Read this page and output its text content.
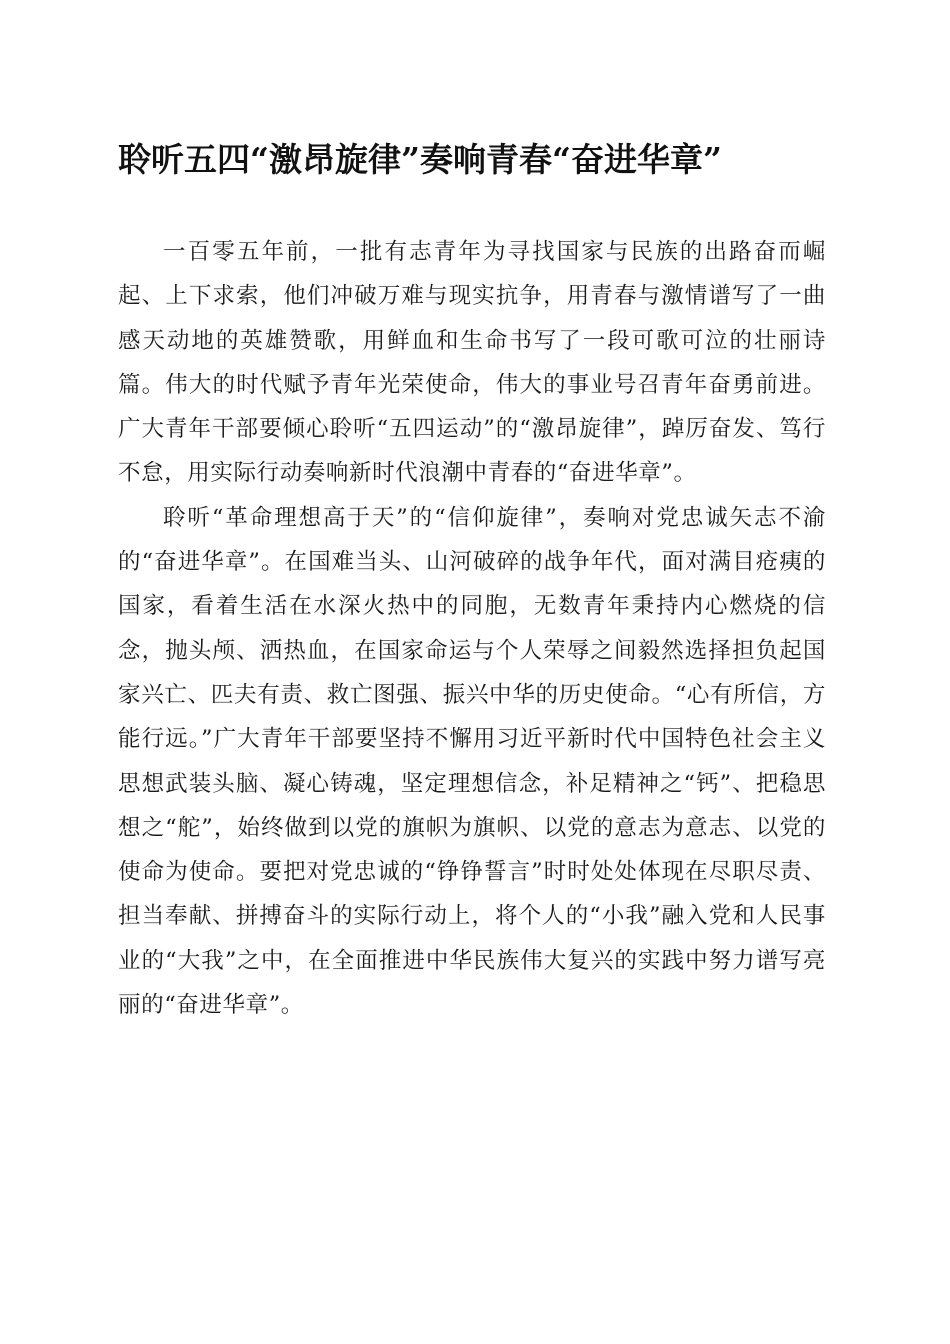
聆听五四“激昂旋律”奏响青春“奋进华章”

一百零五年前，一批有志青年为寻找国家与民族的出路奋而崛起、上下求索，他们冲破万难与现实抗争，用青春与激情谱写了一曲感天动地的英雄赞歌，用鲜血和生命书写了一段可歌可泣的壮丽诗篇。伟大的时代赋予青年光荣使命，伟大的事业号召青年奋勇前进。广大青年干部要倾心聆听“五四运动”的“激昂旋律”，踔厉奋发、笃行不怠，用实际行动奏响新时代浪潮中青春的“奋进华章”。

聆听“革命理想高于天”的“信仰旋律”，奏响对党忠诚矢志不渝的“奋进华章”。在国难当头、山河破碎的战争年代，面对满目疮痍的国家，看着生活在水深火热中的同胞，无数青年秉持内心燃烧的信念，抛头颅、洒热血，在国家命运与个人荣辱之间毅然选择担负起国家兴亡、匹夫有责、救亡图强、振兴中华的历史使命。“心有所信，方能行远。”广大青年干部要坚持不懈用习近平新时代中国特色社会主义思想武装头脑、凝心铸魂，坚定理想信念，补足精神之“钙”、把稳思想之“舵”，始终做到以党的旗帜为旗帜、以党的意志为意志、以党的使命为使命。要把对党忠诚的“铮铮誓言”时时处处体现在尽职尽责、担当奉献、拼搏奋斗的实际行动上，将个人的“小我”融入党和人民事业的“大我”之中，在全面推进中华民族伟大复兴的实践中努力谱写亮丽的“奋进华章”。
